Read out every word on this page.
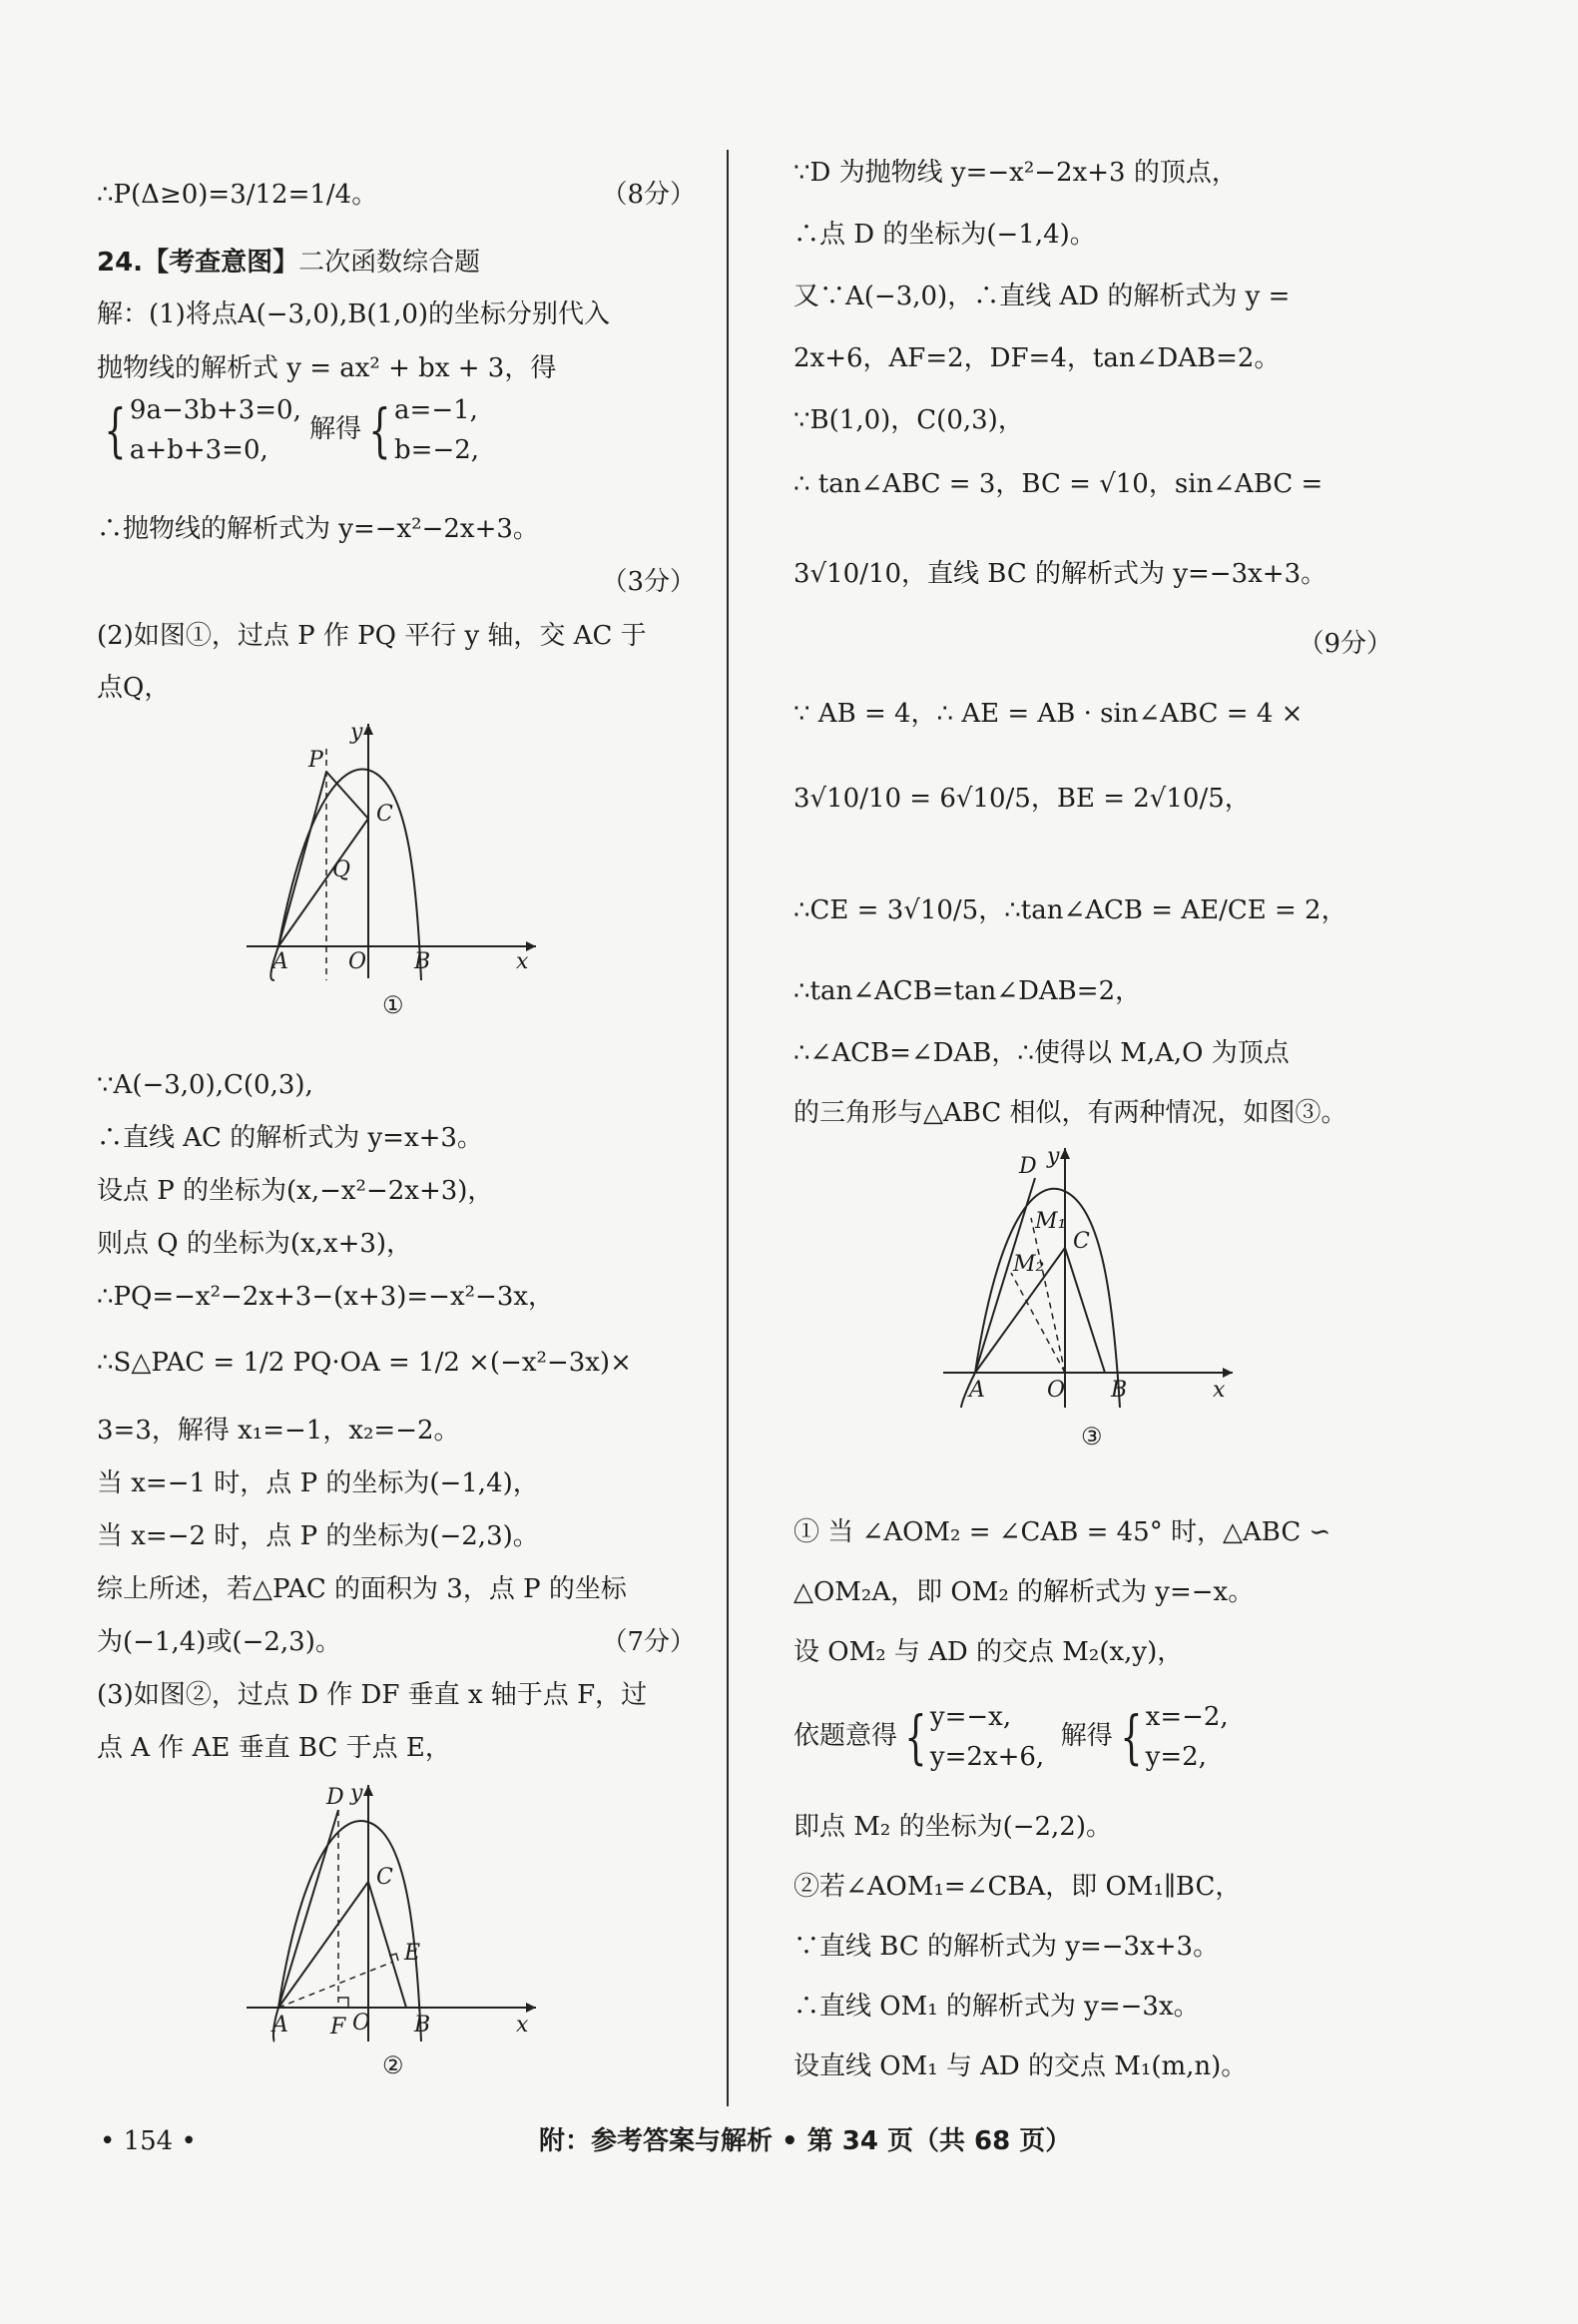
∴P(Δ≥0)=3/12=1/4。	（8分）
24.【考查意图】二次函数综合题
解：(1)将点A(−3,0),B(1,0)的坐标分别代入
抛物线的解析式 y = ax² + bx + 3，得
{ 9a−3b+3=0,
a+b+3=0,
解得 { a=−1,
b=−2,
∴抛物线的解析式为 y=−x²−2x+3。
（3分）
(2)如图①，过点 P 作 PQ 平行 y 轴，交 AC 于
点Q，
P
C
Q
A	O B	x
y
①
∵A(−3,0),C(0,3),
∴直线 AC 的解析式为 y=x+3。
设点 P 的坐标为(x,−x²−2x+3)，
则点 Q 的坐标为(x,x+3)，
∴PQ=−x²−2x+3−(x+3)=−x²−3x，
∴S△PAC = 1/2 PQ·OA = 1/2 ×(−x²−3x)×
3=3，解得 x₁=−1，x₂=−2。
当 x=−1 时，点 P 的坐标为(−1,4)，
当 x=−2 时，点 P 的坐标为(−2,3)。
综上所述，若△PAC 的面积为 3，点 P 的坐标
为(−1,4)或(−2,3)。	（7分）
(3)如图②，过点 D 作 DF 垂直 x 轴于点 F，过
点 A 作 AE 垂直 BC 于点 E，
D
C
E
A F O B	x
y
②
∵D 为抛物线 y=−x²−2x+3 的顶点，
∴点 D 的坐标为(−1,4)。
又∵A(−3,0)，∴直线 AD 的解析式为 y =
2x+6，AF=2，DF=4，tan∠DAB=2。
∵B(1,0)，C(0,3)，
∴ tan∠ABC = 3，BC = √10，sin∠ABC =
3√10/10，直线 BC 的解析式为 y=−3x+3。
（9分）
∵ AB = 4，∴ AE = AB · sin∠ABC = 4 ×
3√10/10 = 6√10/5，BE = 2√10/5，
∴CE = 3√10/5，∴tan∠ACB = AE/CE = 2，
∴tan∠ACB=tan∠DAB=2，
∴∠ACB=∠DAB，∴使得以 M,A,O 为顶点
的三角形与△ABC 相似，有两种情况，如图③。
D
M₁
C
M₂
A	O B	x
y
③
① 当 ∠AOM₂ = ∠CAB = 45° 时，△ABC ∽
△OM₂A，即 OM₂ 的解析式为 y=−x。
设 OM₂ 与 AD 的交点 M₂(x,y)，
依题意得 { y=−x,
y=2x+6,
解得 { x=−2,
y=2,
即点 M₂ 的坐标为(−2,2)。
②若∠AOM₁=∠CBA，即 OM₁∥BC，
∵直线 BC 的解析式为 y=−3x+3。
∴直线 OM₁ 的解析式为 y=−3x。
设直线 OM₁ 与 AD 的交点 M₁(m,n)。
• 154 •	附：参考答案与解析 • 第 34 页（共 68 页）
